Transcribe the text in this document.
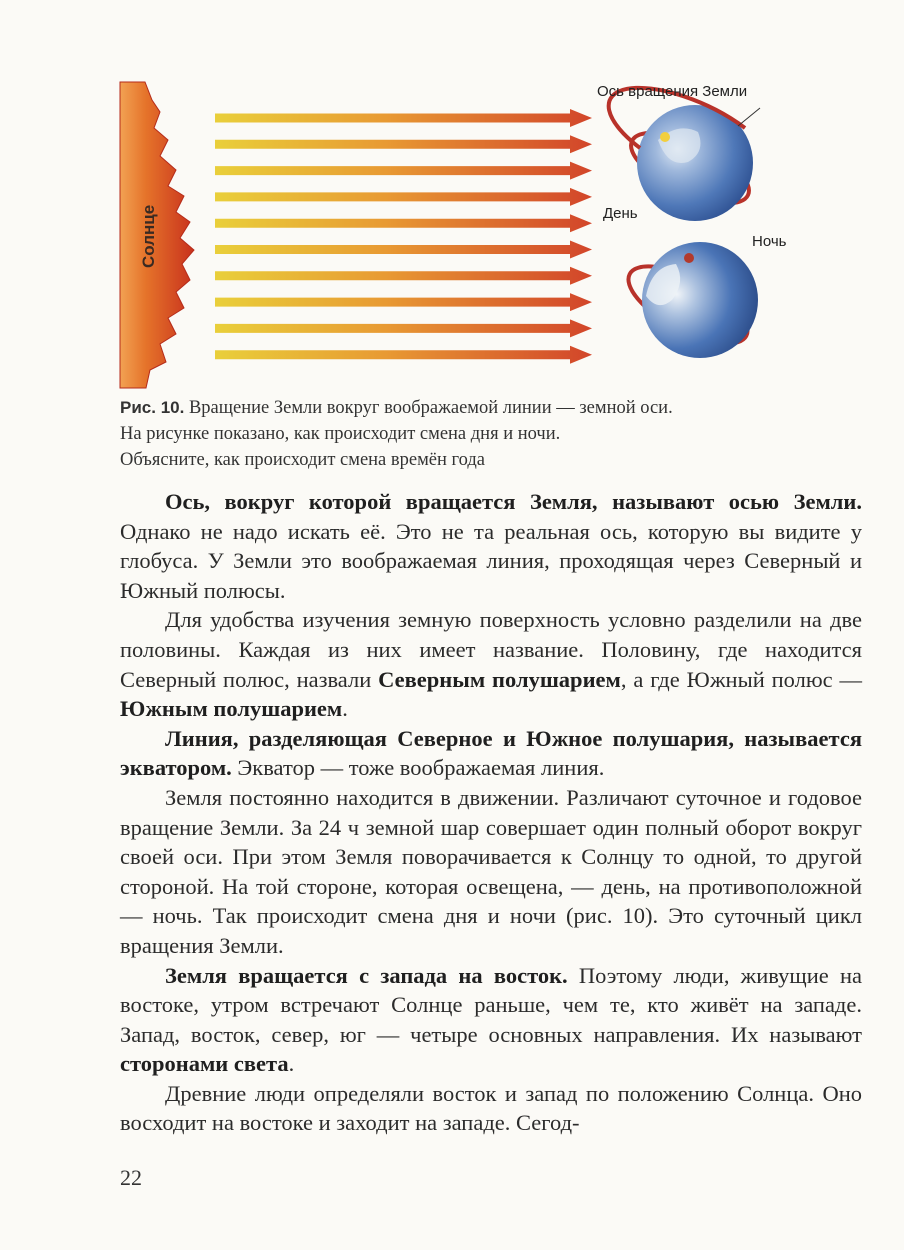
Солнце
Ось вращения Земли
День
Ночь
Рис. 10. Вращение Земли вокруг воображаемой линии — земной оси.
На рисунке показано, как происходит смена дня и ночи.
Объясните, как происходит смена времён года

Ось, вокруг которой вращается Земля, называют осью Земли. Однако не надо искать её. Это не та реальная ось, которую вы видите у глобуса. У Земли это воображаемая линия, проходящая через Северный и Южный полюсы.

Для удобства изучения земную поверхность условно разделили на две половины. Каждая из них имеет название. Половину, где находится Северный полюс, назвали Северным полушарием, а где Южный полюс — Южным полушарием.

Линия, разделяющая Северное и Южное полушария, называется экватором. Экватор — тоже воображаемая линия.

Земля постоянно находится в движении. Различают суточное и годовое вращение Земли. За 24 ч земной шар совершает один полный оборот вокруг своей оси. При этом Земля поворачивается к Солнцу то одной, то другой стороной. На той стороне, которая освещена, — день, на противоположной — ночь. Так происходит смена дня и ночи (рис. 10). Это суточный цикл вращения Земли.

Земля вращается с запада на восток. Поэтому люди, живущие на востоке, утром встречают Солнце раньше, чем те, кто живёт на западе. Запад, восток, север, юг — четыре основных направления. Их называют сторонами света.

Древние люди определяли восток и запад по положению Солнца. Оно восходит на востоке и заходит на западе. Сегод-

22
